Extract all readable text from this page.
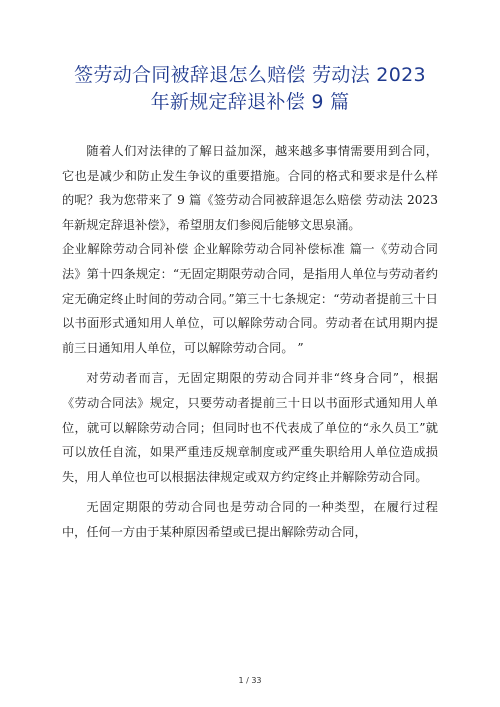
签劳动合同被辞退怎么赔偿 劳动法 2023
年新规定辞退补偿 9 篇

随着人们对法律的了解日益加深，越来越多事情需要用到合同，它也是减少和防止发生争议的重要措施。合同的格式和要求是什么样的呢？我为您带来了 9 篇《签劳动合同被辞退怎么赔偿 劳动法 2023 年新规定辞退补偿》，希望朋友们参阅后能够文思泉涌。

企业解除劳动合同补偿 企业解除劳动合同补偿标准 篇一《劳动合同法》第十四条规定：“无固定期限劳动合同，是指用人单位与劳动者约定无确定终止时间的劳动合同。”第三十七条规定：“劳动者提前三十日以书面形式通知用人单位，可以解除劳动合同。劳动者在试用期内提前三日通知用人单位，可以解除劳动合同。 ”

对劳动者而言，无固定期限的劳动合同并非“终身合同”，根据《劳动合同法》规定，只要劳动者提前三十日以书面形式通知用人单位，就可以解除劳动合同；但同时也不代表成了单位的“永久员工”就可以放任自流，如果严重违反规章制度或严重失职给用人单位造成损失，用人单位也可以根据法律规定或双方约定终止并解除劳动合同。

无固定期限的劳动合同也是劳动合同的一种类型，在履行过程中，任何一方由于某种原因希望或已提出解除劳动合同，

1 / 33
